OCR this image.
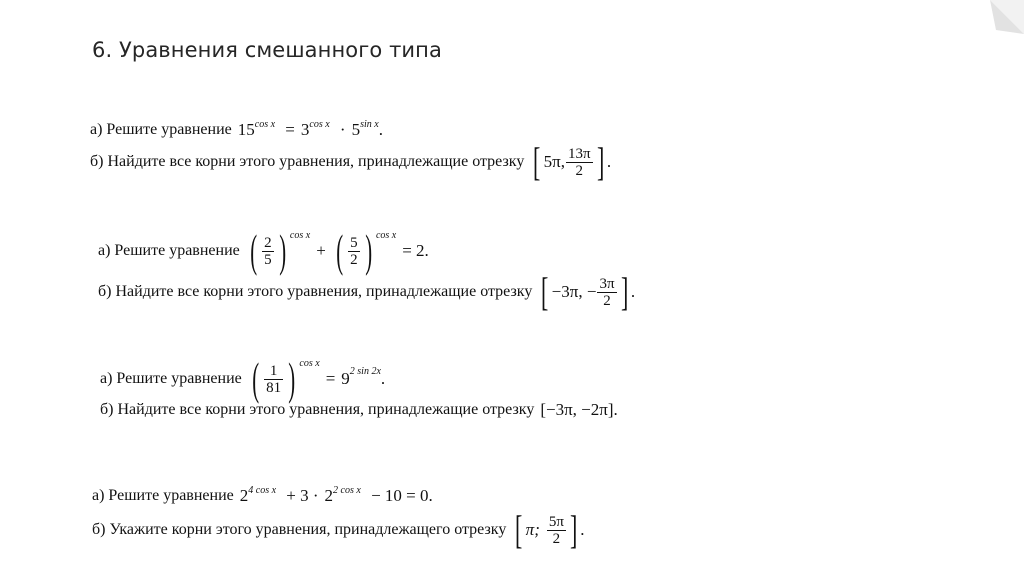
6. Уравнения смешанного типа
а) Решите уравнение $15^{cos x} = 3^{cos x} \cdot 5^{sin x}$.
б) Найдите все корни этого уравнения, принадлежащие отрезку [ 5π, $\frac{13\pi}{2}$ ] .
а) Решите уравнение ( $\frac{2}{5}$ ) $^{cos x}$
+ ( $\frac{5}{2}$ ) $^{cos x}$
= 2.
б) Найдите все корни этого уравнения, принадлежащие отрезку [ −3π, − $\frac{3\pi}{2}$ ] .
а) Решите уравнение ( $\frac{1}{81}$ ) $^{cos x}$
= 9 $^{2 sin 2x}$ .
б) Найдите все корни этого уравнения, принадлежащие отрезку [−3π, −2π].
а) Решите уравнение $2^{4 cos x} + 3 \cdot 2^{2 cos x} - 10 = 0$.
б) Укажите корни этого уравнения, принадлежащего отрезку [ π; $\frac{5\pi}{2}$ ] .
